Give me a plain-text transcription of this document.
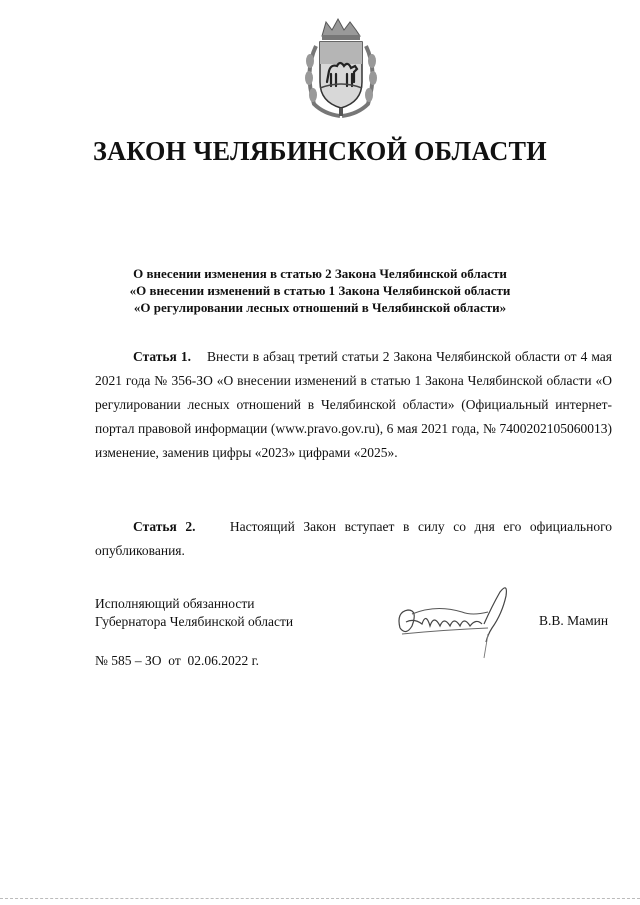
ЗАКОН ЧЕЛЯБИНСКОЙ ОБЛАСТИ
О внесении изменения в статью 2 Закона Челябинской области
«О внесении изменений в статью 1 Закона Челябинской области
«О регулировании лесных отношений в Челябинской области»
Статья 1. Внести в абзац третий статьи 2 Закона Челябинской области от 4 мая 2021 года № 356-ЗО «О внесении изменений в статью 1 Закона Челябинской области «О регулировании лесных отношений в Челябинской области» (Официальный интернет-портал правовой информации (www.pravo.gov.ru), 6 мая 2021 года, № 7400202105060013) изменение, заменив цифры «2023» цифрами «2025».
Статья 2.	Настоящий Закон вступает в силу со дня его официального опубликования.
Исполняющий обязанности
Губернатора Челябинской области	В.В. Мамин
№ 585 – ЗО  от  02.06.2022 г.
